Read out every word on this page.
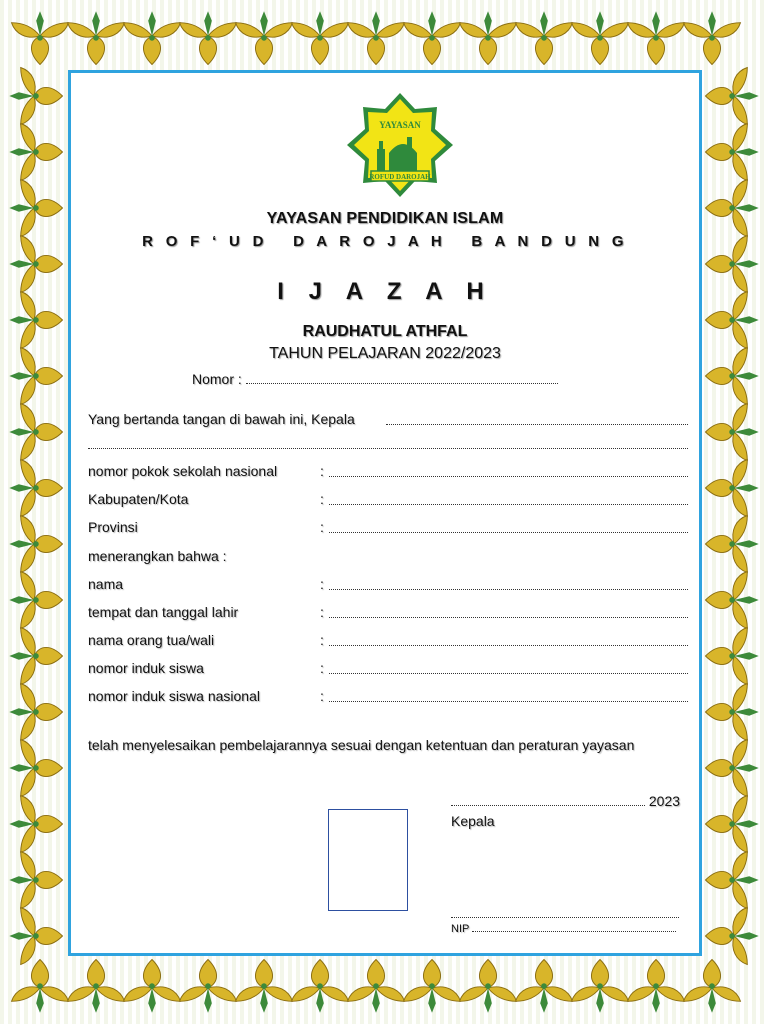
YAYASAN
ROFUD DAROJAH
YAYASAN PENDIDIKAN ISLAM
R O F ‘ U D   D A R O J A H   B A N D U N G
I J A Z A H
RAUDHATUL ATHFAL
TAHUN PELAJARAN 2022/2023
Nomor :
Yang bertanda tangan di bawah ini, Kepala
nomor pokok sekolah nasional	:
Kabupaten/Kota	:
Provinsi	:
menerangkan bahwa :
nama	:
tempat dan tanggal lahir	:
nama orang tua/wali	:
nomor induk siswa	:
nomor induk siswa nasional	:
telah menyelesaikan pembelajarannya sesuai dengan ketentuan dan peraturan yayasan
2023
Kepala
NIP
